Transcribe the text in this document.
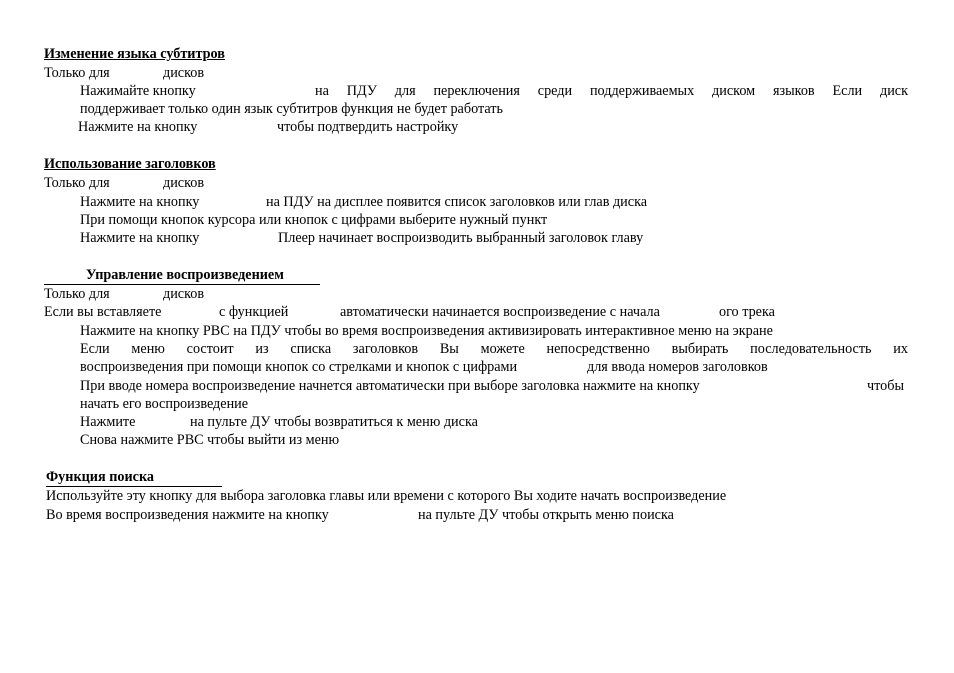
Изменение языка субтитров
Только для	дисков
Нажимайте кнопку	на ПДУ для переключения среди поддерживаемых диском языков Если диск
поддерживает только один язык субтитров функция не будет работать
Нажмите на кнопку	чтобы подтвердить настройку
Использование заголовков
Только для	дисков
Нажмите на кнопку	на ПДУ на дисплее появится список заголовков или глав диска
При помощи кнопок курсора или кнопок с цифрами выберите нужный пункт
Нажмите на кнопку	Плеер начинает воспроизводить выбранный заголовок главу
Управление воспроизведением
Только для	дисков
Если вы вставляете	с функцией	автоматически начинается воспроизведение с начала	ого трека
Нажмите на кнопку PBC на ПДУ чтобы во время воспроизведения активизировать интерактивное меню на экране
Если меню состоит из списка заголовков Вы можете непосредственно выбирать последовательность их
воспроизведения при помощи кнопок со стрелками и кнопок с цифрами	для ввода номеров заголовков
При вводе номера воспроизведение начнется автоматически при выборе заголовка нажмите на кнопку	чтобы
начать его воспроизведение
Нажмите	на пульте ДУ чтобы возвратиться к меню диска
Снова нажмите PBC чтобы выйти из меню
Функция поиска
Используйте эту кнопку для выбора заголовка главы или времени с которого Вы ходите начать воспроизведение
Во время воспроизведения нажмите на кнопку	на пульте ДУ чтобы открыть меню поиска
